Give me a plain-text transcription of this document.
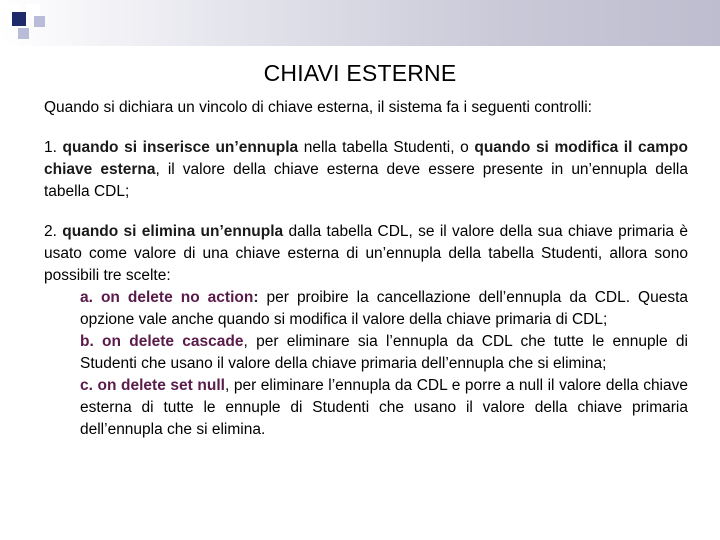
CHIAVI ESTERNE

Quando si dichiara un vincolo di chiave esterna, il sistema fa i seguenti controlli:

1. quando si inserisce un’ennupla nella tabella Studenti, o quando si modifica il campo chiave esterna, il valore della chiave esterna deve essere presente in un’ennupla della tabella CDL;

2. quando si elimina un’ennupla dalla tabella CDL, se il valore della sua chiave primaria è usato come valore di una chiave esterna di un’ennupla della tabella Studenti, allora sono possibili tre scelte:

a. on delete no action: per proibire la cancellazione dell’ennupla da CDL. Questa opzione vale anche quando si modifica il valore della chiave primaria di CDL;

b. on delete cascade, per eliminare sia l’ennupla da CDL che tutte le ennuple di Studenti che usano il valore della chiave primaria dell’ennupla che si elimina;

c. on delete set null, per eliminare l’ennupla da CDL e porre a null il valore della chiave esterna di tutte le ennuple di Studenti che usano il valore della chiave primaria dell’ennupla che si elimina.
